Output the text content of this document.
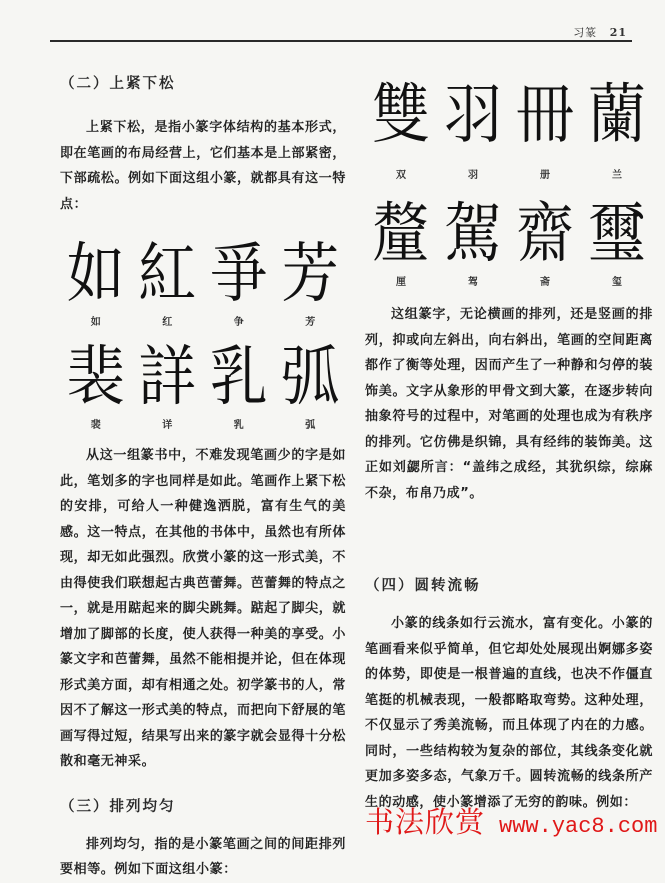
习篆 21
（二）上紧下松

上紧下松，是指小篆字体结构的基本形式，即在笔画的布局经营上，它们基本是上部紧密，下部疏松。例如下面这组小篆，就都具有这一特点：

如
如
紅
红
爭
争
芳
芳
裴
裴
詳
详
乳
乳
弧
弧

从这一组篆书中，不难发现笔画少的字是如此，笔划多的字也同样是如此。笔画作上紧下松的安排，可给人一种健逸洒脱，富有生气的美感。这一特点，在其他的书体中，虽然也有所体现，却无如此强烈。欣赏小篆的这一形式美，不由得使我们联想起古典芭蕾舞。芭蕾舞的特点之一，就是用踮起来的脚尖跳舞。踮起了脚尖，就增加了脚部的长度，使人获得一种美的享受。小篆文字和芭蕾舞，虽然不能相提并论，但在体现形式美方面，却有相通之处。初学篆书的人，常因不了解这一形式美的特点，而把向下舒展的笔画写得过短，结果写出来的篆字就会显得十分松散和毫无神采。

（三）排列均匀

排列均匀，指的是小篆笔画之间的间距排列要相等。例如下面这组小篆：

雙
双
羽
羽
冊
册
蘭
兰
釐
厘
駕
驾
齋
斋
璽
玺

这组篆字，无论横画的排列，还是竖画的排列，抑或向左斜出，向右斜出，笔画的空间距离都作了衡等处理，因而产生了一种静和匀停的装饰美。文字从象形的甲骨文到大篆，在逐步转向抽象符号的过程中，对笔画的处理也成为有秩序的排列。它仿佛是织锦，具有经纬的装饰美。这正如刘勰所言：“盖纬之成经，其犹织综，综麻不杂，布帛乃成”。

（四）圆转流畅

小篆的线条如行云流水，富有变化。小篆的笔画看来似乎简单，但它却处处展现出婀娜多姿的体势，即使是一根普遍的直线，也决不作僵直笔挺的机械表现，一般都略取弯势。这种处理，不仅显示了秀美流畅，而且体现了内在的力感。同时，一些结构较为复杂的部位，其线条变化就更加多姿多态，气象万千。圆转流畅的线条所产生的动感，使小篆增添了无穷的韵味。例如：

书法欣赏 www.yac8.com
